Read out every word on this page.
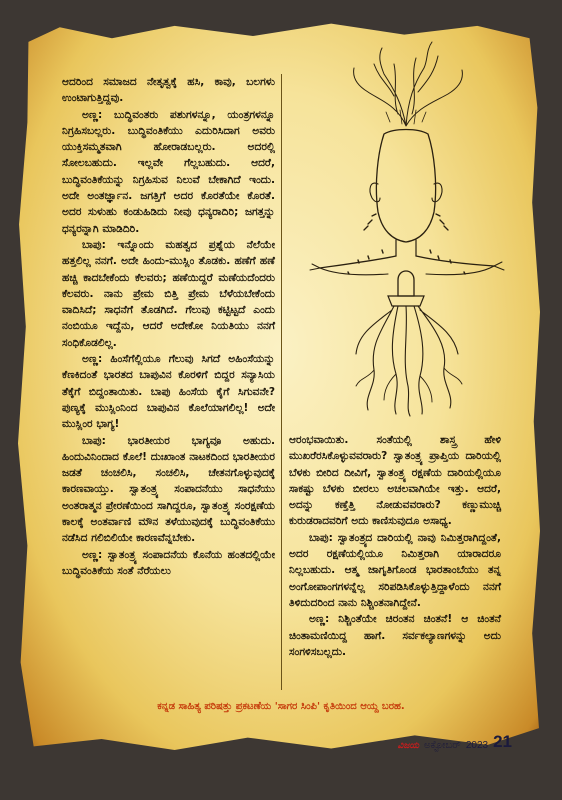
ಆದರಿಂದ ಸಮಾಜದ ನೇತೃತ್ವಕ್ಕೆ ಹಸಿ, ಕಾವು, ಬಲಗಳು ಉಂಟಾಗುತ್ತಿದ್ದವು.

ಅಣ್ಣ: ಬುದ್ಧಿವಂತರು ಪಶುಗಳನ್ನೂ, ಯಂತ್ರಗಳನ್ನೂ ನಿಗ್ರಹಿಸಬಲ್ಲರು. ಬುದ್ಧಿವಂತಿಕೆಯು ಎದುರಿಸಿದಾಗ ಅವರು ಯುಕ್ತಿಸಮ್ಮತವಾಗಿ ಹೋರಾಡಬಲ್ಲರು. ಅದರಲ್ಲಿ ಸೋಲಬಹುದು. ಇಲ್ಲವೇ ಗೆಲ್ಲಬಹುದು. ಆದರೆ, ಬುದ್ಧಿವಂತಿಕೆಯನ್ನು ನಿಗ್ರಹಿಸುವ ನಿಲುವೆ ಬೇಕಾಗಿದೆ ಇಂದು. ಅದೇ ಅಂತರ್ಜ್ಞಾನ. ಜಗತ್ತಿಗೆ ಅದರ ಕೊರತೆಯೇ ಕೊರತೆ. ಅದರ ಸುಳುಹು ಕಂಡುಹಿಡಿದು ನೀವು ಧನ್ಯರಾದಿರಿ; ಜಗತ್ತನ್ನು ಧನ್ಯರನ್ನಾಗಿ ಮಾಡಿದಿರಿ.

ಬಾಪು: ಇನ್ನೊಂದು ಮಹತ್ವದ ಪ್ರಶ್ನೆಯ ನೆಲೆಯೇ ಹತ್ತಲಿಲ್ಲ ನನಗೆ. ಅದೇ ಹಿಂದು-ಮುಸ್ಲಿಂ ತೊಡಕು. ಹಣೆಗೆ ಹಣೆ ಹಚ್ಚಿ ಕಾದಬೇಕೆಂದು ಕೆಲವರು; ಹಣೆಯಿದ್ದರೆ ಮಣೆಯದೆಂದರು ಕೆಲವರು. ನಾನು ಪ್ರೇಮ ಬಿತ್ತಿ ಪ್ರೇಮ ಬೆಳೆಯಬೇಕೆಂದು ವಾದಿಸಿದೆ; ಸಾಧನೆಗೆ ತೊಡಗಿದೆ. ಗೆಲುವು ಕಟ್ಟಿಟ್ಟದೆ ಎಂದು ನಂಬಿಯೂ ಇದ್ದೆನು, ಆದರೆ ಅದೇಕೋ ನಿಯತಿಯು ನನಗೆ ಸಂಧಿಕೊಡಲಿಲ್ಲ.

ಅಣ್ಣ: ಹಿಂಸೆಗೆಲ್ಲಿಯೂ ಗೆಲುವು ಸಿಗದೆ ಅಹಿಂಸೆಯನ್ನು ಕೆಣಕಿದಂತೆ ಭಾರತದ ಬಾಪುವಿನ ಕೊರಳಿಗೆ ಬಿದ್ದರ ಸನ್ಯಾಸಿಯ ತೆಕ್ಕೆಗೆ ಬಿದ್ದಂತಾಯಿತು. ಬಾಪು ಹಿಂಸೆಯ ಕೈಗೆ ಸಿಗುವನೇ? ಪುಣ್ಯಕ್ಕೆ ಮುಸ್ಲಿಂನಿಂದ ಬಾಪುವಿನ ಕೊಲೆಯಾಗಲಿಲ್ಲ! ಅದೇ ಮುಸ್ಲಿಂರ ಭಾಗ್ಯ!

ಬಾಪು: ಭಾರತೀಯರ ಭಾಗ್ಯವೂ ಅಹುದು. ಹಿಂದುವಿನಿಂದಾದ ಕೊಲೆ! ದುಃಖಾಂತ ನಾಟಕದಿಂದ ಭಾರತೀಯರ ಜಡತೆ ಚಂಚಲಿಸಿ, ಸಂಚಲಿಸಿ, ಚೇತನಗೊಳ್ಳುವುದಕ್ಕೆ ಕಾರಣವಾಯ್ತು. ಸ್ವಾತಂತ್ರ್ಯ ಸಂಪಾದನೆಯು ಸಾಧನೆಯು ಅಂತರಾತ್ಮನ ಪ್ರೇರಣೆಯಿಂದ ಸಾಗಿದ್ದರೂ, ಸ್ವಾತಂತ್ರ್ಯ ಸಂರಕ್ಷಣೆಯ ಕಾಲಕ್ಕೆ ಅಂತರ್ವಾಣಿ ಮೌನ ತಳೆಯುವುದಕ್ಕೆ ಬುದ್ಧಿವಂತಿಕೆಯು ನಡೆಸಿದ ಗಲಿಬಿಲಿಯೇ ಕಾರಣವೆನ್ನಬೇಕು.

ಅಣ್ಣ: ಸ್ವಾತಂತ್ರ್ಯ ಸಂಪಾದನೆಯ ಕೊನೆಯ ಹಂತದಲ್ಲಿಯೇ ಬುದ್ಧಿವಂತಿಕೆಯ ಸಂತೆ ನೆರೆಯಲು

ಆರಂಭವಾಯಿತು. ಸಂತೆಯಲ್ಲಿ ಶಾಸ್ತ್ರ ಹೇಳಿ ಮುಖರೆರಸಿಕೊಳ್ಳುವವರಾರು? ಸ್ವಾತಂತ್ರ್ಯ ಪ್ರಾಪ್ತಿಯ ದಾರಿಯಲ್ಲಿ ಬೆಳಕು ಬೀರಿದ ದೀವಿಗೆ, ಸ್ವಾತಂತ್ರ್ಯ ರಕ್ಷಣೆಯ ದಾರಿಯಲ್ಲಿಯೂ ಸಾಕಷ್ಟು ಬೆಳಕು ಬೀರಲು ಅಚಲವಾಗಿಯೇ ಇತ್ತು. ಆದರೆ, ಅದನ್ನು ಕಣ್ತೆತ್ತಿ ನೋಡುವವರಾರು? ಕಣ್ಣುಮುಚ್ಚಿ ಕುರುಡರಾದವರಿಗೆ ಅದು ಕಾಣಿಸುವುದೂ ಅಸಾಧ್ಯ.

ಬಾಪು: ಸ್ವಾತಂತ್ರ್ಯದ ದಾರಿಯಲ್ಲಿ ನಾವು ನಿಮಿತ್ತರಾಗಿದ್ದಂತೆ, ಅದರ ರಕ್ಷಣೆಯಲ್ಲಿಯೂ ನಿಮಿತ್ತರಾಗಿ ಯಾರಾದರೂ ನಿಲ್ಲಬಹುದು. ಆತ್ಮ ಜಾಗೃತಿಗೊಂಡ ಭಾರತಾಂಬೆಯು ತನ್ನ ಅಂಗೋಪಾಂಗಗಳನ್ನೆಲ್ಲ ಸರಿಪಡಿಸಿಕೊಳ್ಳುತ್ತಿದ್ದಾಳೆಂದು ನನಗೆ ತಿಳಿದುದರಿಂದ ನಾನು ನಿಶ್ಚಿಂತನಾಗಿದ್ದೇನೆ.

ಅಣ್ಣ: ನಿಶ್ಚಿಂತೆಯೇ ಚಿರಂತನ ಚಿಂತನೆ! ಆ ಚಿಂತನೆ ಚಿಂತಾಮಣಿಯಿದ್ದ ಹಾಗೆ. ಸರ್ವಕಲ್ಯಾಣಗಳನ್ನು ಅದು ಸಂಗಳಿಸಬಲ್ಲದು.

ಕನ್ನಡ ಸಾಹಿತ್ಯ ಪರಿಷತ್ತು ಪ್ರಕಟಣೆಯ 'ಸಾಗರ ಸಿಂಪಿ' ಕೃತಿಯಿಂದ ಆಯ್ದ ಬರಹ.
ವಿಜಯ ಅಕ್ಟೋಬರ್ 2023 21
